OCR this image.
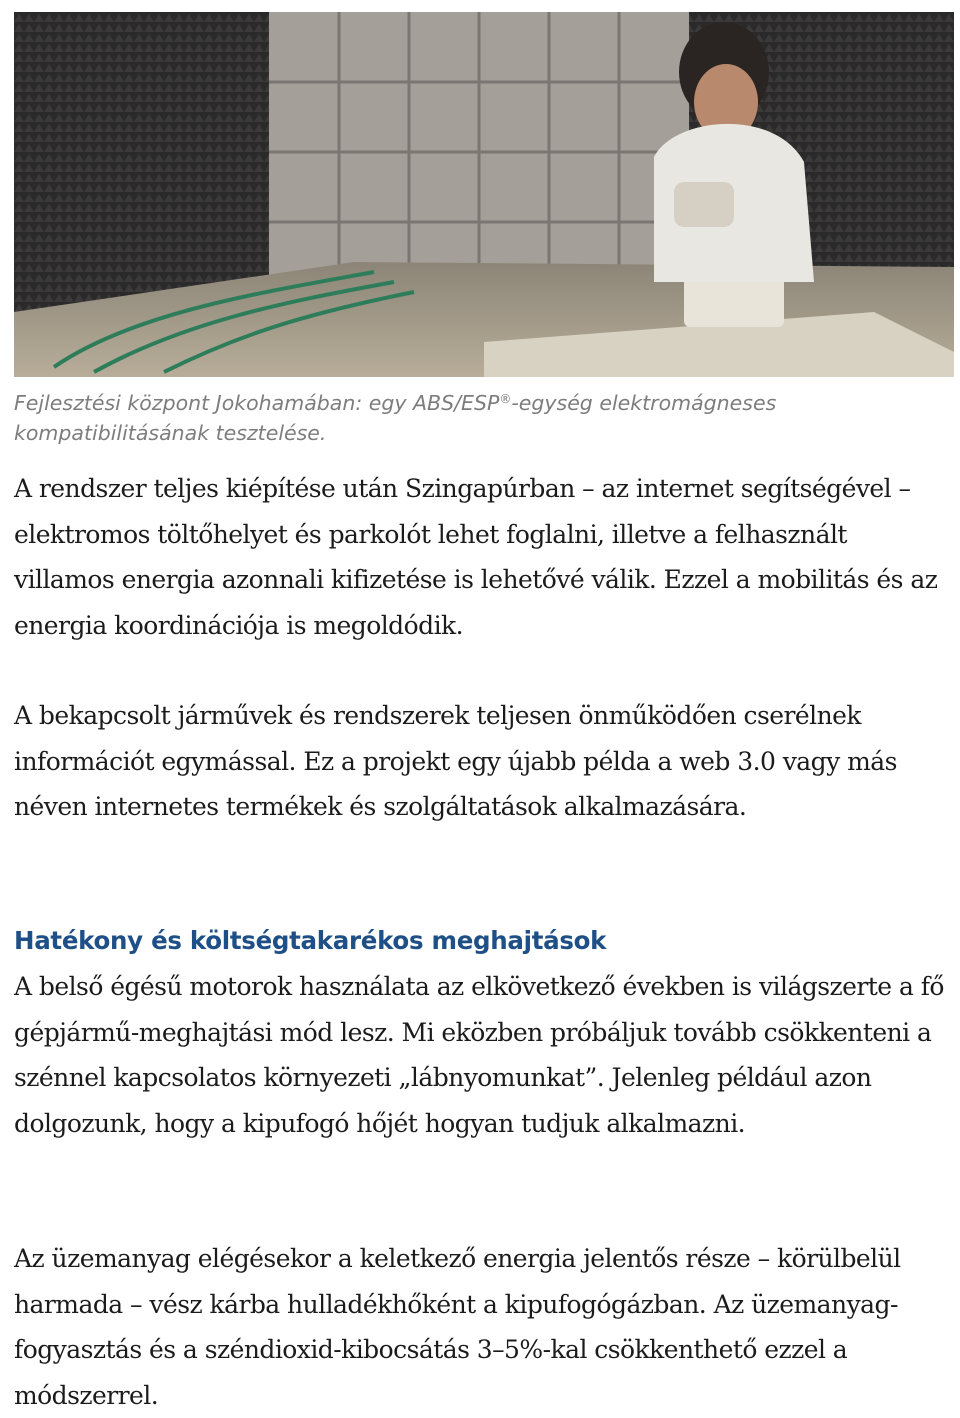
Fejlesztési központ Jokohamában: egy ABS/ESP®-egység elektromágneses kompatibilitásának tesztelése.

A rendszer teljes kiépítése után Szingapúrban – az internet segítségével – elektromos töltőhelyet és parkolót lehet foglalni, illetve a felhasznált villamos energia azonnali kifizetése is lehetővé válik. Ezzel a mobilitás és az energia koordinációja is megoldódik.

A bekapcsolt járművek és rendszerek teljesen önműködően cserélnek információt egymással. Ez a projekt egy újabb példa a web 3.0 vagy más néven internetes termékek és szolgáltatások alkalmazására.

Hatékony és költségtakarékos meghajtások

A belső égésű motorok használata az elkövetkező években is világszerte a fő gépjármű-meghajtási mód lesz. Mi eközben próbáljuk tovább csökkenteni a szénnel kapcsolatos környezeti „lábnyomunkat”. Jelenleg például azon dolgozunk, hogy a kipufogó hőjét hogyan tudjuk alkalmazni.

Az üzemanyag elégésekor a keletkező energia jelentős része – körülbelül harmada – vész kárba hulladékhőként a kipufogógázban. Az üzemanyag-fogyasztás és a széndioxid-kibocsátás 3–5%-kal csökkenthető ezzel a módszerrel.
